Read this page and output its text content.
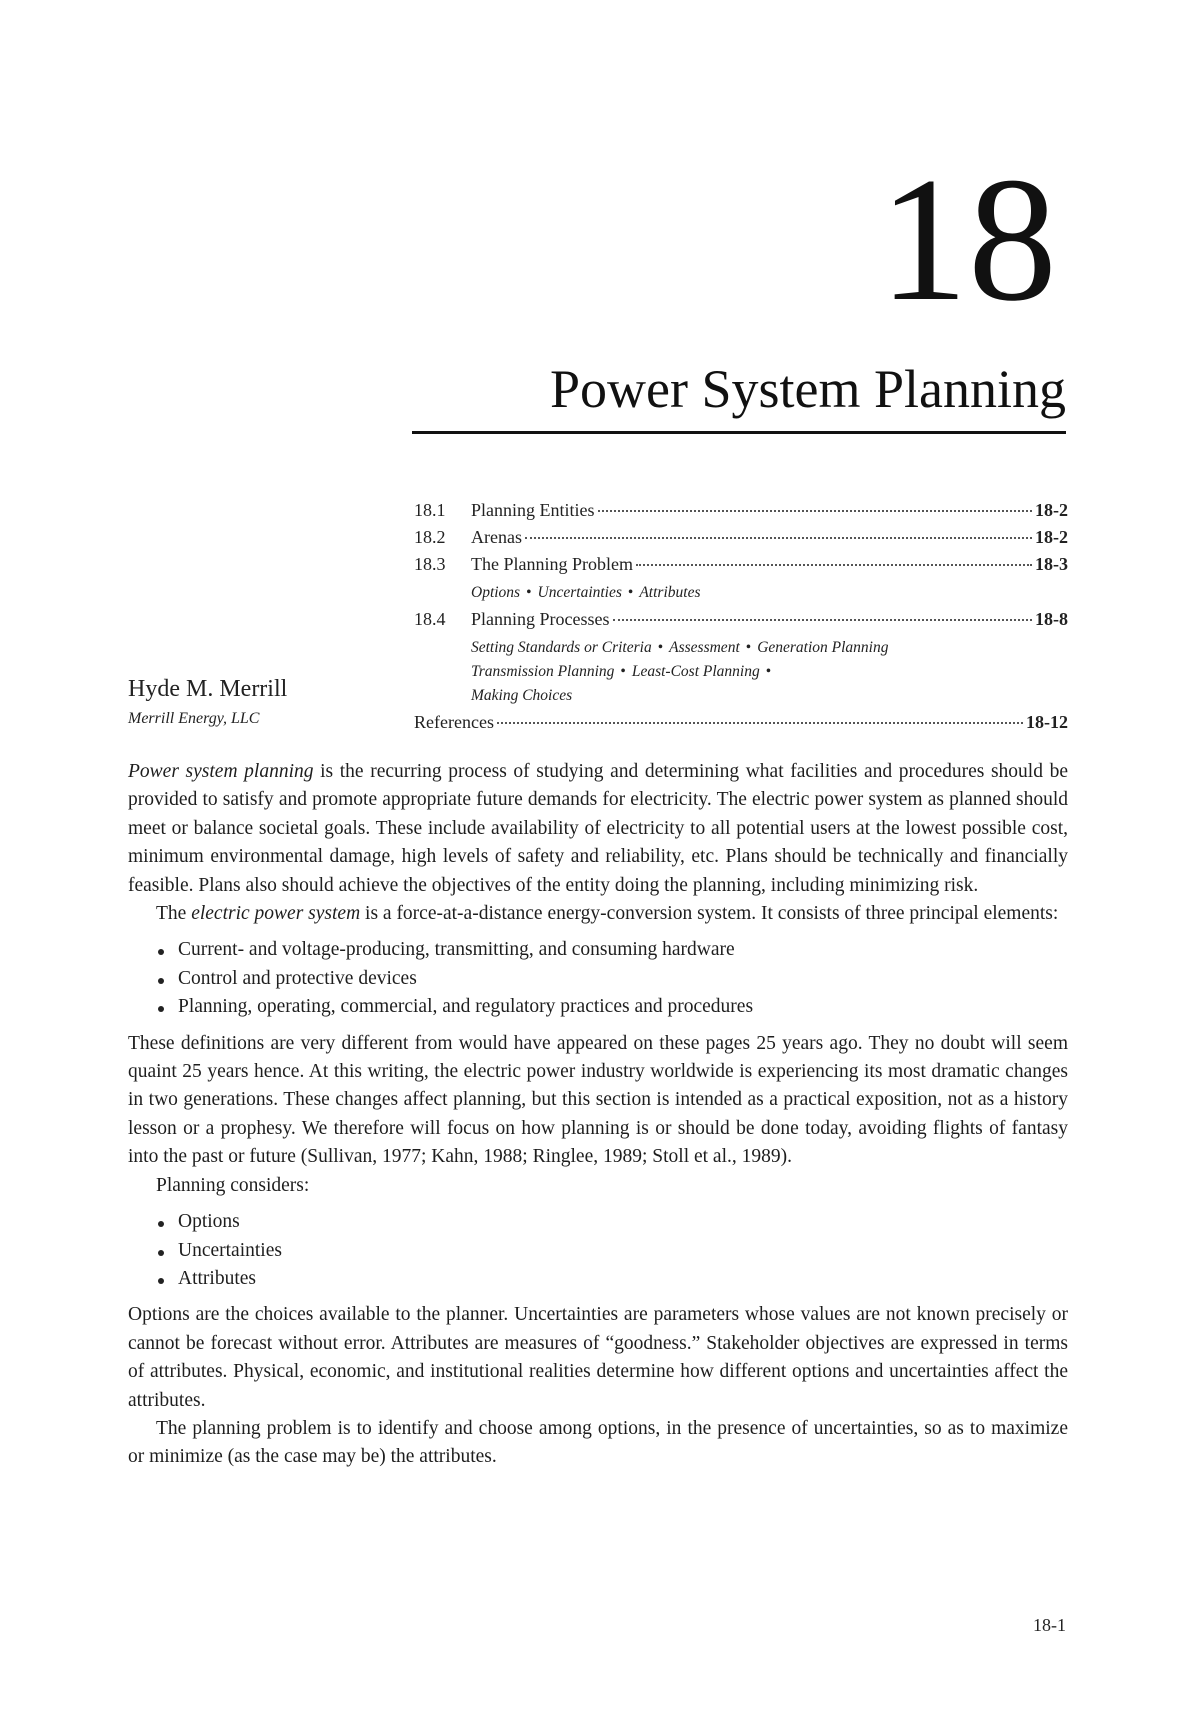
18
Power System Planning
18.1	Planning Entities	18-2
18.2	Arenas	18-2
18.3	The Planning Problem	18-3
Options • Uncertainties • Attributes
18.4	Planning Processes	18-8
Setting Standards or Criteria • Assessment • Generation Planning
Transmission Planning • Least-Cost Planning •
Making Choices
References	18-12
Hyde M. Merrill
Merrill Energy, LLC

Power system planning is the recurring process of studying and determining what facilities and procedures should be provided to satisfy and promote appropriate future demands for electricity. The electric power system as planned should meet or balance societal goals. These include availability of electricity to all potential users at the lowest possible cost, minimum environmental damage, high levels of safety and reliability, etc. Plans should be technically and financially feasible. Plans also should achieve the objectives of the entity doing the planning, including minimizing risk.

The electric power system is a force-at-a-distance energy-conversion system. It consists of three principal elements:

Current- and voltage-producing, transmitting, and consuming hardware
Control and protective devices
Planning, operating, commercial, and regulatory practices and procedures

These definitions are very different from would have appeared on these pages 25 years ago. They no doubt will seem quaint 25 years hence. At this writing, the electric power industry worldwide is experiencing its most dramatic changes in two generations. These changes affect planning, but this section is intended as a practical exposition, not as a history lesson or a prophesy. We therefore will focus on how planning is or should be done today, avoiding flights of fantasy into the past or future (Sullivan, 1977; Kahn, 1988; Ringlee, 1989; Stoll et al., 1989).

Planning considers:

Options
Uncertainties
Attributes

Options are the choices available to the planner. Uncertainties are parameters whose values are not known precisely or cannot be forecast without error. Attributes are measures of “goodness.” Stakeholder objectives are expressed in terms of attributes. Physical, economic, and institutional realities determine how different options and uncertainties affect the attributes.

The planning problem is to identify and choose among options, in the presence of uncertainties, so as to maximize or minimize (as the case may be) the attributes.

18-1
